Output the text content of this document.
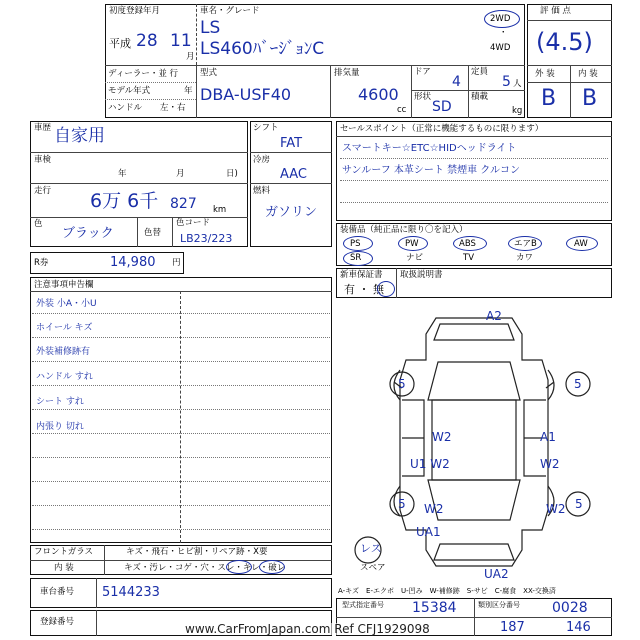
初度登録年月
平成 28 11
月
車名・グレード
LS
LS460ﾊﾞｰｼﾞｮﾝC
2WD
・
4WD
ディーラー・並 行
モデル年式	年
ハンドル 左・右
型式
DBA-USF40
排気量
4600
cc
ドア
4
定員
5 人
形状
SD
積載
kg
評 価 点
(4.5)
外 装	内 装
B B
車歴 自家用
車検
年	月	日)
走行 6万 6千 827 km
色
ブラック	色替
色コード
LB23/223
シフト
FAT
冷房
AAC
燃料
ガソリン
セールスポイント（正常に機能するものに限ります）
スマートキー☆ETC☆HIDヘッドライト
サンルーフ 本革シート 禁煙車 クルコン
装備品（純正品に限り〇を記入）
PS	PW	ABS	エアB	AW
SR	ナビ	TV	カワ
新車保証書
有 ・ 無
取扱説明書
R券	14,980 円
注意事項申告欄
外装 小A・小U
ホイール キズ
外装補修跡有
ハンドル すれ
シート すれ
内張り 切れ
A2
5	5
W2	A1
U1 W2	W2
5 W2	W2 5
UA1
UA2
レス
スペア
フロントガラス	キズ・飛石・ヒビ割・リペア跡・X要
内 装	キズ・汚レ・コゲ・穴・スレ・キレ・破レ
車台番号 5144233
登録番号
A-キズ　E-エクボ　U-凹み　W-補修跡　S-サビ　C-腐食　XX-交換済
型式指定番号 15384	類別区分番号 0028
187	146
www.CarFromJapan.com Ref CFJ1929098
